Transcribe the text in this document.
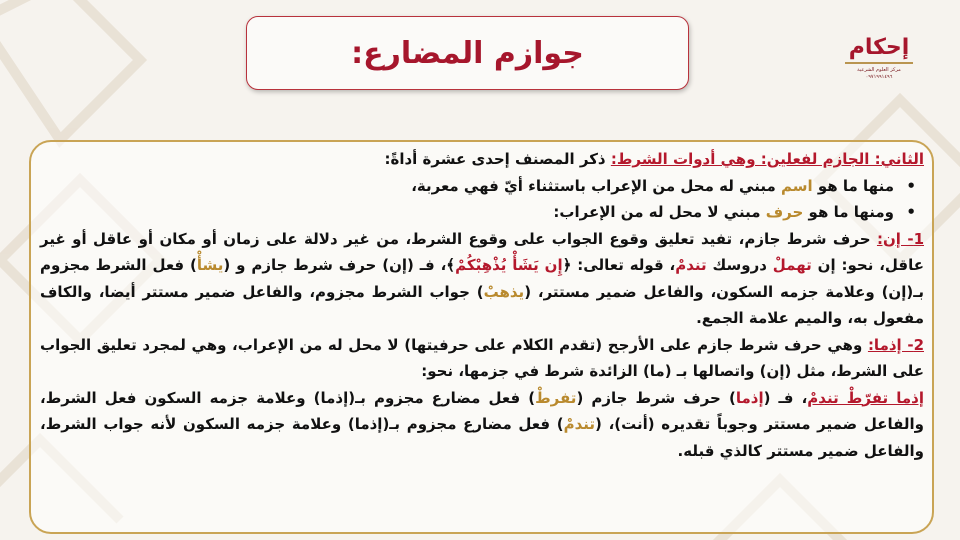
جوازم المضارع:	إحكام
مركز العلوم الشرعية
٠٩٧١٩٩١٤٩٦

الثاني: الجازم لفعلين: وهي أدوات الشرط: ذكر المصنف إحدى عشرة أداةً:

•
منها ما هو اسم مبني له محل من الإعراب باستثناء أيّ فهي معربة،

•
ومنها ما هو حرف مبني لا محل له من الإعراب:

1- إن: حرف شرط جازم، تفيد تعليق وقوع الجواب على وقوع الشرط، من غير دلالة على زمان أو مكان أو عاقل أو غير عاقل، نحو: إن تهملْ دروسك تندمْ، قوله تعالى: ﴿إِن يَشَأْ يُذْهِبْكُمْ﴾، فـ (إن) حرف شرط جازم و (يشأْ) فعل الشرط مجزوم بـ(إن) وعلامة جزمه السكون، والفاعل ضمير مستتر، (يذهبْ) جواب الشرط مجزوم، والفاعل ضمير مستتر أيضا، والكاف مفعول به، والميم علامة الجمع.

2- إذما: وهي حرف شرط جازم على الأرجح (تقدم الكلام على حرفيتها) لا محل له من الإعراب، وهي لمجرد تعليق الجواب على الشرط، مثل (إن) واتصالها بـ (ما) الزائدة شرط في جزمها، نحو:
إذما تفرّطْ تندمْ، فـ (إذما) حرف شرط جازم (تفرطْ) فعل مضارع مجزوم بـ(إذما) وعلامة جزمه السكون فعل الشرط، والفاعل ضمير مستتر وجوباً تقديره (أنت)، (تندمْ) فعل مضارع مجزوم بـ(إذما) وعلامة جزمه السكون لأنه جواب الشرط، والفاعل ضمير مستتر كالذي قبله.
